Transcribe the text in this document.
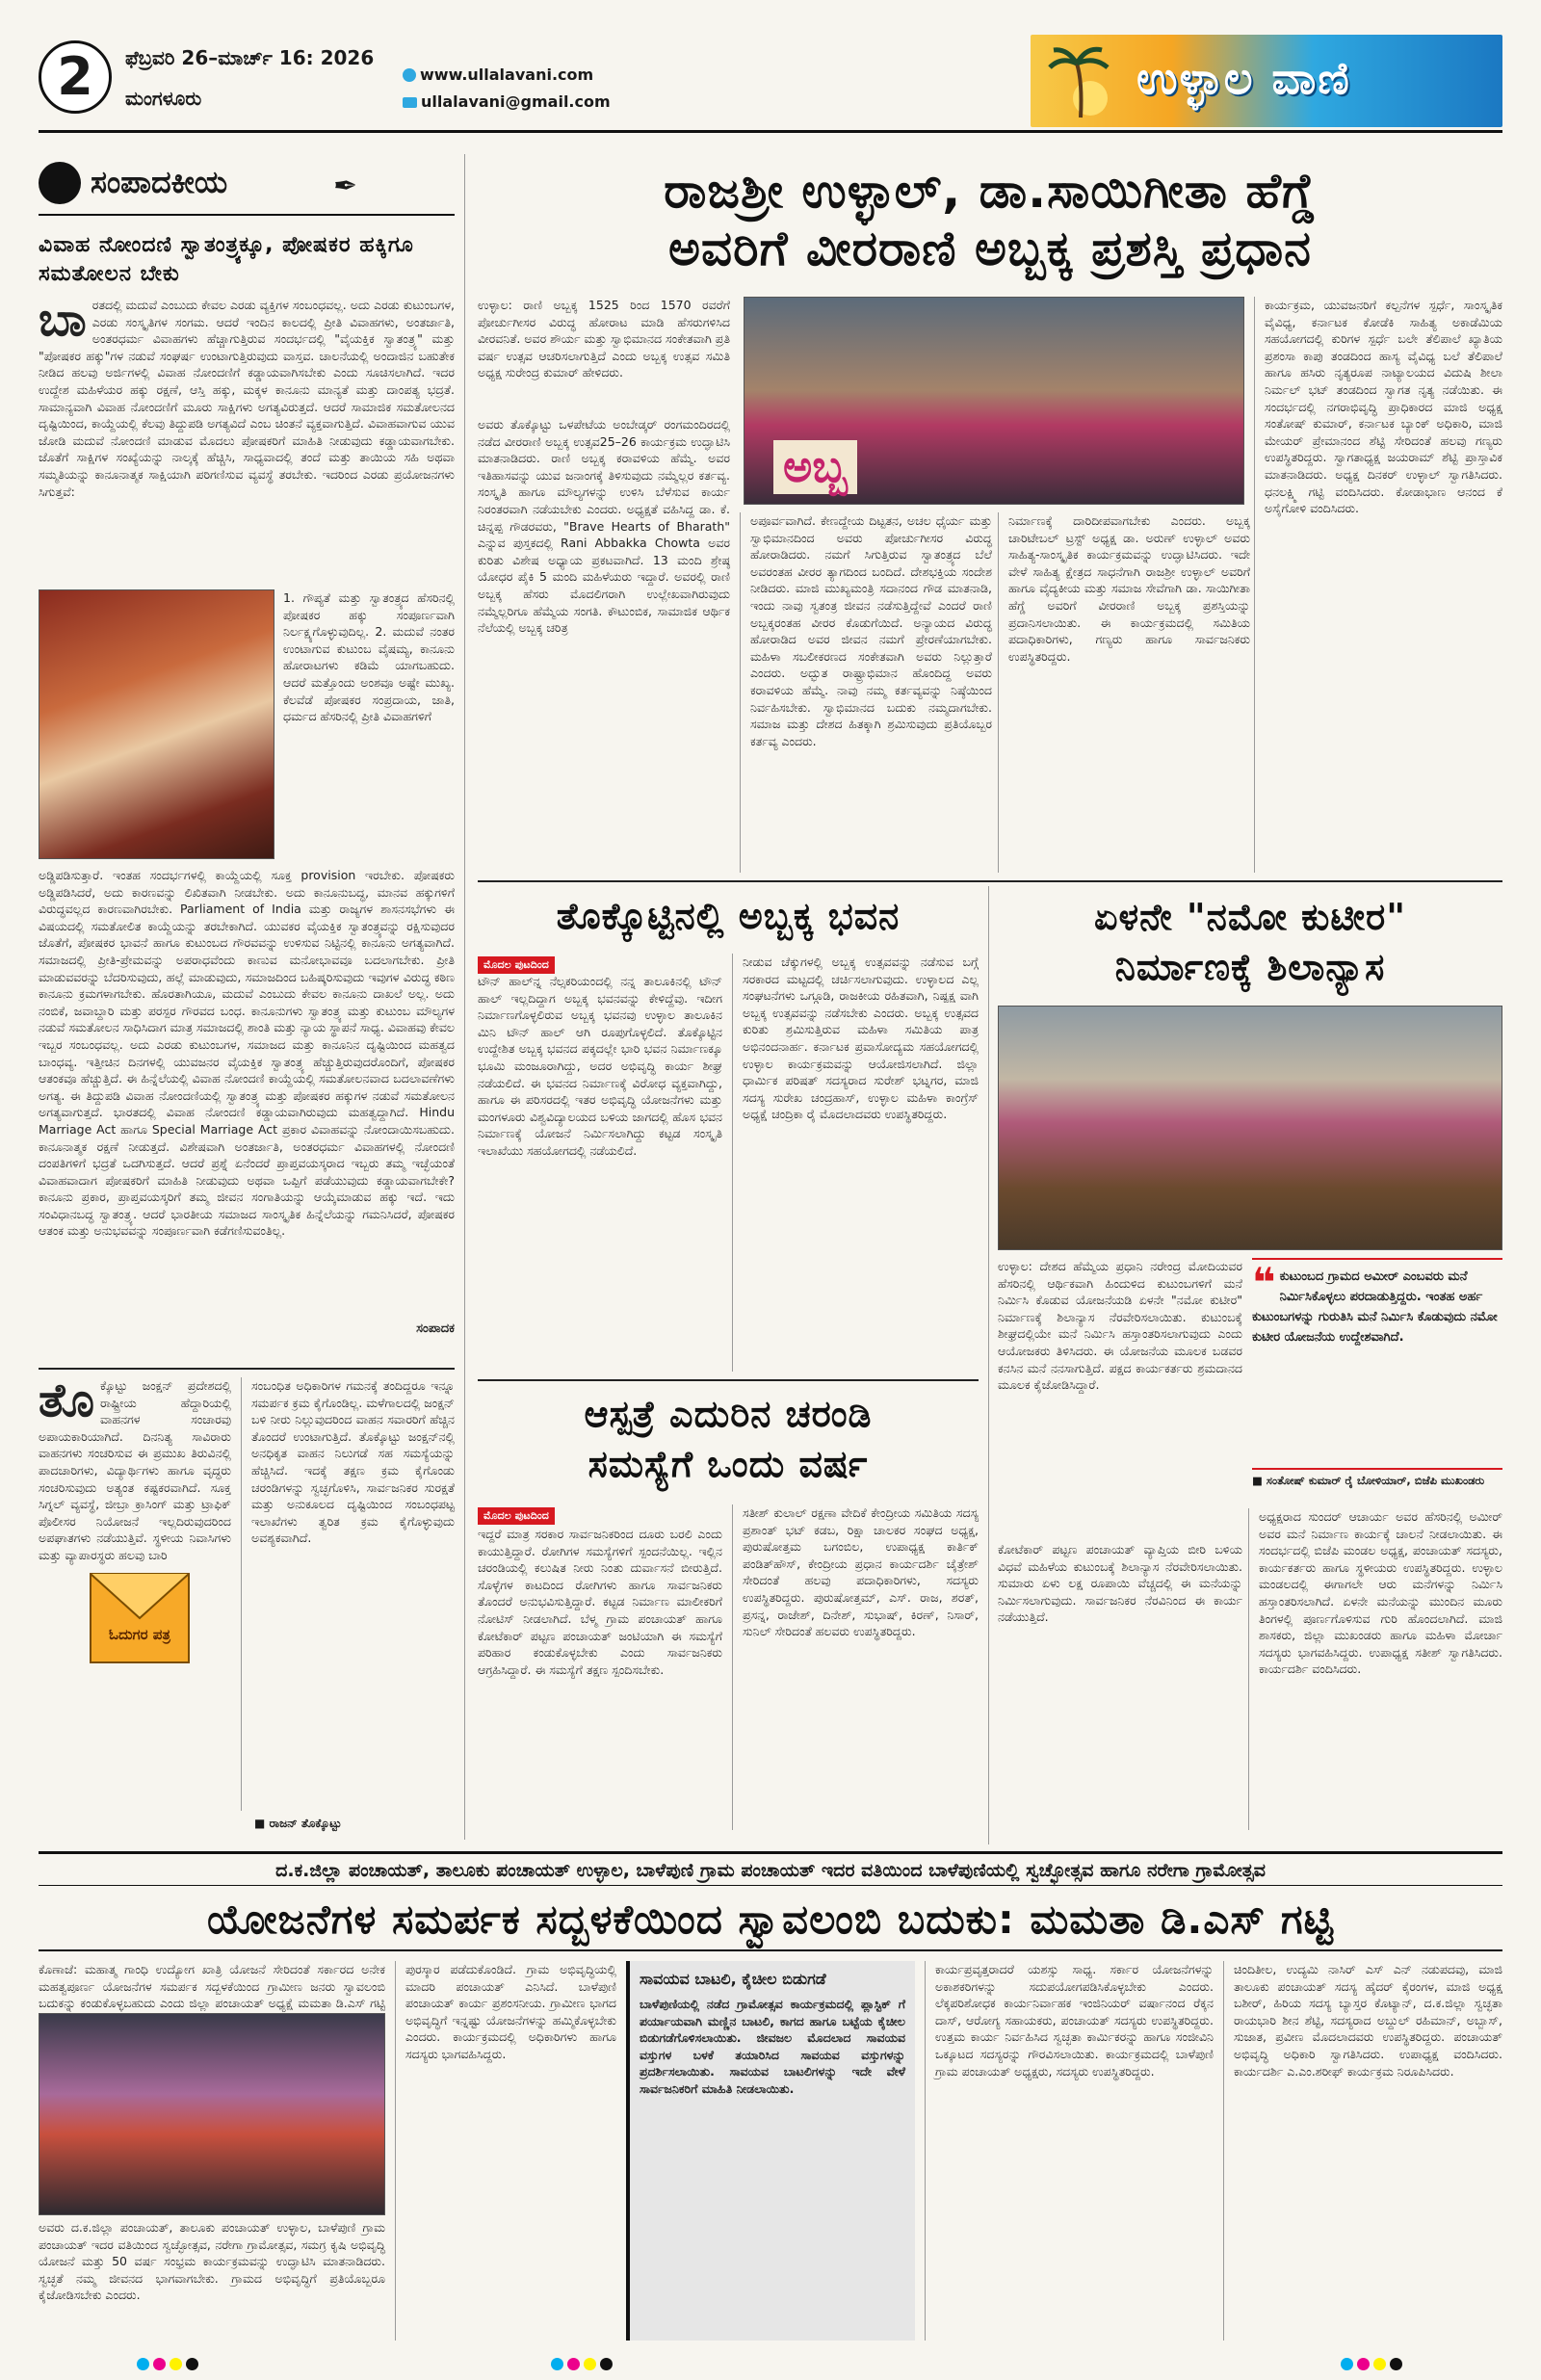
2	ಫೆಬ್ರವರಿ 26–ಮಾರ್ಚ್ 16: 2026
ಮಂಗಳೂರು
www.ullalavani.com
ullalavani@gmail.com	ಉಳ್ಳಾಲ ವಾಣಿ
ಸಂಪಾದಕೀಯ	✒
ವಿವಾಹ ನೋಂದಣಿ ಸ್ವಾತಂತ್ರ್ಯಕ್ಕೂ, ಪೋಷಕರ ಹಕ್ಕಿಗೂ ಸಮತೋಲನ ಬೇಕು
ಬಾರತದಲ್ಲಿ ಮದುವೆ ಎಂಬುದು ಕೇವಲ ಎರಡು ವ್ಯಕ್ತಿಗಳ ಸಂಬಂಧವಲ್ಲ. ಅದು ಎರಡು ಕುಟುಂಬಗಳ, ಎರಡು ಸಂಸ್ಕೃತಿಗಳ ಸಂಗಮ. ಆದರೆ ಇಂದಿನ ಕಾಲದಲ್ಲಿ ಪ್ರೀತಿ ವಿವಾಹಗಳು, ಅಂತರ್ಜಾತಿ, ಅಂತರಧರ್ಮ ವಿವಾಹಗಳು ಹೆಚ್ಚಾಗುತ್ತಿರುವ ಸಂದರ್ಭದಲ್ಲಿ "ವೈಯಕ್ತಿಕ ಸ್ವಾತಂತ್ರ್ಯ" ಮತ್ತು "ಪೋಷಕರ ಹಕ್ಕು"ಗಳ ನಡುವೆ ಸಂಘರ್ಷ ಉಂಟಾಗುತ್ತಿರುವುದು ವಾಸ್ತವ. ಚಾಲನೆಯಲ್ಲಿ ಅಂದಾಜಿನ ಬಹುತೇಕ ನೀಡಿದ ಹಲವು ಅರ್ಜಿಗಳಲ್ಲಿ ವಿವಾಹ ನೋಂದಣಿಗೆ ಕಡ್ಡಾಯವಾಗಿಸಬೇಕು ಎಂದು ಸೂಚಿಸಲಾಗಿದೆ. ಇದರ ಉದ್ದೇಶ ಮಹಿಳೆಯರ ಹಕ್ಕು ರಕ್ಷಣೆ, ಆಸ್ತಿ ಹಕ್ಕು, ಮಕ್ಕಳ ಕಾನೂನು ಮಾನ್ಯತೆ ಮತ್ತು ದಾಂಪತ್ಯ ಭದ್ರತೆ. ಸಾಮಾನ್ಯವಾಗಿ ವಿವಾಹ ನೋಂದಣಿಗೆ ಮೂರು ಸಾಕ್ಷಿಗಳು ಅಗತ್ಯವಿರುತ್ತದೆ. ಆದರೆ ಸಾಮಾಜಿಕ ಸಮತೋಲನದ ದೃಷ್ಟಿಯಿಂದ, ಕಾಯ್ದೆಯಲ್ಲಿ ಕೆಲವು ತಿದ್ದುಪಡಿ ಅಗತ್ಯವಿದೆ ಎಂಬ ಚಿಂತನೆ ವ್ಯಕ್ತವಾಗುತ್ತಿದೆ. ವಿವಾಹವಾಗುವ ಯುವ ಜೋಡಿ ಮದುವೆ ನೋಂದಣಿ ಮಾಡುವ ಮೊದಲು ಪೋಷಕರಿಗೆ ಮಾಹಿತಿ ನೀಡುವುದು ಕಡ್ಡಾಯವಾಗಬೇಕು. ಜೊತೆಗೆ ಸಾಕ್ಷಿಗಳ ಸಂಖ್ಯೆಯನ್ನು ನಾಲ್ಕಕ್ಕೆ ಹೆಚ್ಚಿಸಿ, ಸಾಧ್ಯವಾದಲ್ಲಿ ತಂದೆ ಮತ್ತು ತಾಯಿಯ ಸಹಿ ಅಥವಾ ಸಮ್ಮತಿಯನ್ನು ಕಾನೂನಾತ್ಮಕ ಸಾಕ್ಷಿಯಾಗಿ ಪರಿಗಣಿಸುವ ವ್ಯವಸ್ಥೆ ತರಬೇಕು. ಇದರಿಂದ ಎರಡು ಪ್ರಯೋಜನಗಳು ಸಿಗುತ್ತವೆ:
1. ಗೌಪ್ಯತೆ ಮತ್ತು ಸ್ವಾತಂತ್ರ್ಯದ ಹೆಸರಿನಲ್ಲಿ ಪೋಷಕರ ಹಕ್ಕು ಸಂಪೂರ್ಣವಾಗಿ ನಿರ್ಲಕ್ಷ್ಯಗೊಳ್ಳುವುದಿಲ್ಲ. 2. ಮದುವೆ ನಂತರ ಉಂಟಾಗುವ ಕುಟುಂಬ ವೈಷಮ್ಯ, ಕಾನೂನು ಹೋರಾಟಗಳು ಕಡಿಮೆ ಯಾಗಬಹುದು. ಆದರೆ ಮತ್ತೊಂದು ಅಂಶವೂ ಅಷ್ಟೇ ಮುಖ್ಯ. ಕೆಲವೆಡೆ ಪೋಷಕರ ಸಂಪ್ರದಾಯ, ಜಾತಿ, ಧರ್ಮದ ಹೆಸರಿನಲ್ಲಿ ಪ್ರೀತಿ ವಿವಾಹಗಳಿಗೆ
ಅಡ್ಡಿಪಡಿಸುತ್ತಾರೆ. ಇಂತಹ ಸಂದರ್ಭಗಳಲ್ಲಿ ಕಾಯ್ದೆಯಲ್ಲಿ ಸೂಕ್ತ provision ಇರಬೇಕು. ಪೋಷಕರು ಅಡ್ಡಿಪಡಿಸಿದರೆ, ಅದು ಕಾರಣವನ್ನು ಲಿಖಿತವಾಗಿ ನೀಡಬೇಕು. ಅದು ಕಾನೂನುಬದ್ಧ, ಮಾನವ ಹಕ್ಕುಗಳಿಗೆ ವಿರುದ್ಧವಲ್ಲದ ಕಾರಣವಾಗಿರಬೇಕು. Parliament of India ಮತ್ತು ರಾಜ್ಯಗಳ ಶಾಸನಸಭೆಗಳು ಈ ವಿಷಯದಲ್ಲಿ ಸಮತೋಲಿತ ಕಾಯ್ದೆಯನ್ನು ತರಬೇಕಾಗಿದೆ. ಯುವಕರ ವೈಯಕ್ತಿಕ ಸ್ವಾತಂತ್ರ್ಯವನ್ನು ರಕ್ಷಿಸುವುದರ ಜೊತೆಗೆ, ಪೋಷಕರ ಭಾವನೆ ಹಾಗೂ ಕುಟುಂಬದ ಗೌರವವನ್ನು ಉಳಿಸುವ ನಿಟ್ಟಿನಲ್ಲಿ ಕಾನೂನು ಅಗತ್ಯವಾಗಿದೆ. ಸಮಾಜದಲ್ಲಿ ಪ್ರೀತಿ-ಪ್ರೇಮವನ್ನು ಅಪರಾಧವೆಂದು ಕಾಣುವ ಮನೋಭಾವವೂ ಬದಲಾಗಬೇಕು. ಪ್ರೀತಿ ಮಾಡುವವರನ್ನು ಬೆದರಿಸುವುದು, ಹಲ್ಲೆ ಮಾಡುವುದು, ಸಮಾಜದಿಂದ ಬಹಿಷ್ಕರಿಸುವುದು ಇವುಗಳ ವಿರುದ್ಧ ಕಠಿಣ ಕಾನೂನು ಕ್ರಮಗಳಾಗಬೇಕು. ಹೊರತಾಗಿಯೂ, ಮದುವೆ ಎಂಬುದು ಕೇವಲ ಕಾನೂನು ದಾಖಲೆ ಅಲ್ಲ. ಅದು ನಂಬಿಕೆ, ಜವಾಬ್ದಾರಿ ಮತ್ತು ಪರಸ್ಪರ ಗೌರವದ ಬಂಧ. ಕಾನೂನುಗಳು ಸ್ವಾತಂತ್ರ್ಯ ಮತ್ತು ಕುಟುಂಬ ಮೌಲ್ಯಗಳ ನಡುವೆ ಸಮತೋಲನ ಸಾಧಿಸಿದಾಗ ಮಾತ್ರ ಸಮಾಜದಲ್ಲಿ ಶಾಂತಿ ಮತ್ತು ನ್ಯಾಯ ಸ್ಥಾಪನೆ ಸಾಧ್ಯ. ವಿವಾಹವು ಕೇವಲ ಇಬ್ಬರ ಸಂಬಂಧವಲ್ಲ. ಅದು ಎರಡು ಕುಟುಂಬಗಳ, ಸಮಾಜದ ಮತ್ತು ಕಾನೂನಿನ ದೃಷ್ಟಿಯಿಂದ ಮಹತ್ವದ ಬಾಂಧವ್ಯ. ಇತ್ತೀಚಿನ ದಿನಗಳಲ್ಲಿ ಯುವಜನರ ವೈಯಕ್ತಿಕ ಸ್ವಾತಂತ್ರ್ಯ ಹೆಚ್ಚುತ್ತಿರುವುದರೊಂದಿಗೆ, ಪೋಷಕರ ಆತಂಕವೂ ಹೆಚ್ಚುತ್ತಿದೆ. ಈ ಹಿನ್ನೆಲೆಯಲ್ಲಿ ವಿವಾಹ ನೋಂದಣಿ ಕಾಯ್ದೆಯಲ್ಲಿ ಸಮತೋಲನವಾದ ಬದಲಾವಣೆಗಳು ಅಗತ್ಯ. ಈ ತಿದ್ದುಪಡಿ ವಿವಾಹ ನೋಂದಣಿಯಲ್ಲಿ ಸ್ವಾತಂತ್ರ್ಯ ಮತ್ತು ಪೋಷಕರ ಹಕ್ಕುಗಳ ನಡುವೆ ಸಮತೋಲನ ಅಗತ್ಯವಾಗುತ್ತದೆ. ಭಾರತದಲ್ಲಿ ವಿವಾಹ ನೋಂದಣಿ ಕಡ್ಡಾಯವಾಗಿರುವುದು ಮಹತ್ವದ್ದಾಗಿದೆ. Hindu Marriage Act ಹಾಗೂ Special Marriage Act ಪ್ರಕಾರ ವಿವಾಹವನ್ನು ನೋಂದಾಯಿಸಬಹುದು. ಕಾನೂನಾತ್ಮಕ ರಕ್ಷಣೆ ನೀಡುತ್ತದೆ. ವಿಶೇಷವಾಗಿ ಅಂತರ್ಜಾತಿ, ಅಂತರಧರ್ಮ ವಿವಾಹಗಳಲ್ಲಿ ನೋಂದಣಿ ದಂಪತಿಗಳಿಗೆ ಭದ್ರತೆ ಒದಗಿಸುತ್ತದೆ. ಆದರೆ ಪ್ರಶ್ನೆ ಏನೆಂದರೆ ಪ್ರಾಪ್ತವಯಸ್ಕರಾದ ಇಬ್ಬರು ತಮ್ಮ ಇಚ್ಛೆಯಂತೆ ವಿವಾಹವಾದಾಗ ಪೋಷಕರಿಗೆ ಮಾಹಿತಿ ನೀಡುವುದು ಅಥವಾ ಒಪ್ಪಿಗೆ ಪಡೆಯುವುದು ಕಡ್ಡಾಯವಾಗಬೇಕೇ? ಕಾನೂನು ಪ್ರಕಾರ, ಪ್ರಾಪ್ತವಯಸ್ಕರಿಗೆ ತಮ್ಮ ಜೀವನ ಸಂಗಾತಿಯನ್ನು ಆಯ್ಕೆಮಾಡುವ ಹಕ್ಕು ಇದೆ. ಇದು ಸಂವಿಧಾನಬದ್ಧ ಸ್ವಾತಂತ್ರ್ಯ. ಆದರೆ ಭಾರತೀಯ ಸಮಾಜದ ಸಾಂಸ್ಕೃತಿಕ ಹಿನ್ನೆಲೆಯನ್ನು ಗಮನಿಸಿದರೆ, ಪೋಷಕರ ಆತಂಕ ಮತ್ತು ಅನುಭವವನ್ನು ಸಂಪೂರ್ಣವಾಗಿ ಕಡೆಗಣಿಸುವಂತಿಲ್ಲ.
ಸಂಪಾದಕ
ತೊಕ್ಕೊಟ್ಟು ಜಂಕ್ಷನ್ ಪ್ರದೇಶದಲ್ಲಿ ರಾಷ್ಟ್ರೀಯ ಹೆದ್ದಾರಿಯಲ್ಲಿ ವಾಹನಗಳ ಸಂಚಾರವು ಅಪಾಯಕಾರಿಯಾಗಿದೆ. ದಿನನಿತ್ಯ ಸಾವಿರಾರು ವಾಹನಗಳು ಸಂಚರಿಸುವ ಈ ಪ್ರಮುಖ ತಿರುವಿನಲ್ಲಿ ಪಾದಚಾರಿಗಳು, ವಿದ್ಯಾರ್ಥಿಗಳು ಹಾಗೂ ವೃದ್ಧರು ಸಂಚರಿಸುವುದು ಅತ್ಯಂತ ಕಷ್ಟಕರವಾಗಿದೆ. ಸೂಕ್ತ ಸಿಗ್ನಲ್ ವ್ಯವಸ್ಥೆ, ಜೀಬ್ರಾ ಕ್ರಾಸಿಂಗ್ ಮತ್ತು ಟ್ರಾಫಿಕ್ ಪೊಲೀಸರ ನಿಯೋಜನೆ ಇಲ್ಲದಿರುವುದರಿಂದ ಅಪಘಾತಗಳು ನಡೆಯುತ್ತಿವೆ. ಸ್ಥಳೀಯ ನಿವಾಸಿಗಳು ಮತ್ತು ವ್ಯಾಪಾರಸ್ಥರು ಹಲವು ಬಾರಿ
ಓದುಗರ ಪತ್ರ
ಸಂಬಂಧಿತ ಅಧಿಕಾರಿಗಳ ಗಮನಕ್ಕೆ ತಂದಿದ್ದರೂ ಇನ್ನೂ ಸಮರ್ಪಕ ಕ್ರಮ ಕೈಗೊಂಡಿಲ್ಲ. ಮಳೆಗಾಲದಲ್ಲಿ ಜಂಕ್ಷನ್ ಬಳಿ ನೀರು ನಿಲ್ಲುವುದರಿಂದ ವಾಹನ ಸವಾರರಿಗೆ ಹೆಚ್ಚಿನ ತೊಂದರೆ ಉಂಟಾಗುತ್ತಿದೆ. ತೊಕ್ಕೊಟ್ಟು ಜಂಕ್ಷನ್‌ನಲ್ಲಿ ಅನಧಿಕೃತ ವಾಹನ ನಿಲುಗಡೆ ಸಹ ಸಮಸ್ಯೆಯನ್ನು ಹೆಚ್ಚಿಸಿದೆ. ಇದಕ್ಕೆ ತಕ್ಷಣ ಕ್ರಮ ಕೈಗೊಂಡು ಚರಂಡಿಗಳನ್ನು ಸ್ವಚ್ಛಗೊಳಿಸಿ, ಸಾರ್ವಜನಿಕರ ಸುರಕ್ಷತೆ ಮತ್ತು ಅನುಕೂಲದ ದೃಷ್ಟಿಯಿಂದ ಸಂಬಂಧಪಟ್ಟ ಇಲಾಖೆಗಳು ತ್ವರಿತ ಕ್ರಮ ಕೈಗೊಳ್ಳುವುದು ಅವಶ್ಯಕವಾಗಿದೆ.
■ ರಾಜನ್ ತೊಕ್ಕೊಟ್ಟು
ರಾಜಶ್ರೀ ಉಳ್ಳಾಲ್, ಡಾ.ಸಾಯಿಗೀತಾ ಹೆಗ್ಡೆ
ಅವರಿಗೆ ವೀರರಾಣಿ ಅಬ್ಬಕ್ಕ ಪ್ರಶಸ್ತಿ ಪ್ರಧಾನ
ಉಳ್ಳಾಲ: ರಾಣಿ ಅಬ್ಬಕ್ಕ 1525 ರಿಂದ 1570 ರವರೆಗೆ ಪೋರ್ಚುಗೀಸರ ವಿರುದ್ಧ ಹೋರಾಟ ಮಾಡಿ ಹೆಸರುಗಳಿಸಿದ ವೀರವನಿತೆ. ಅವರ ಶೌರ್ಯ ಮತ್ತು ಸ್ವಾಭಿಮಾನದ ಸಂಕೇತವಾಗಿ ಪ್ರತಿ ವರ್ಷ ಉತ್ಸವ ಆಚರಿಸಲಾಗುತ್ತಿದೆ ಎಂದು ಅಬ್ಬಕ್ಕ ಉತ್ಸವ ಸಮಿತಿ ಅಧ್ಯಕ್ಷ ಸುರೇಂದ್ರ ಕುಮಾರ್ ಹೇಳಿದರು.
ಅಬ್ಬ
ಅವರು ತೊಕ್ಕೊಟ್ಟು ಒಳಪೇಟೆಯ ಅಂಬೇಡ್ಕರ್ ರಂಗಮಂದಿರದಲ್ಲಿ ನಡೆದ ವೀರರಾಣಿ ಅಬ್ಬಕ್ಕ ಉತ್ಸವ25–26 ಕಾರ್ಯಕ್ರಮ ಉದ್ಘಾಟಿಸಿ ಮಾತನಾಡಿದರು. ರಾಣಿ ಅಬ್ಬಕ್ಕ ಕರಾವಳಿಯ ಹೆಮ್ಮೆ. ಅವರ ಇತಿಹಾಸವನ್ನು ಯುವ ಜನಾಂಗಕ್ಕೆ ತಿಳಿಸುವುದು ನಮ್ಮೆಲ್ಲರ ಕರ್ತವ್ಯ. ಸಂಸ್ಕೃತಿ ಹಾಗೂ ಮೌಲ್ಯಗಳನ್ನು ಉಳಿಸಿ ಬೆಳೆಸುವ ಕಾರ್ಯ ನಿರಂತರವಾಗಿ ನಡೆಯಬೇಕು ಎಂದರು. ಅಧ್ಯಕ್ಷತೆ ವಹಿಸಿದ್ದ ಡಾ. ಕೆ. ಚಿನ್ನಪ್ಪ ಗೌಡರವರು, "Brave Hearts of Bharath" ಎನ್ನುವ ಪುಸ್ತಕದಲ್ಲಿ Rani Abbakka Chowta ಅವರ ಕುರಿತು ವಿಶೇಷ ಅಧ್ಯಾಯ ಪ್ರಕಟವಾಗಿದೆ. 13 ಮಂದಿ ಶ್ರೇಷ್ಠ ಯೋಧರ ಪೈಕಿ 5 ಮಂದಿ ಮಹಿಳೆಯರು ಇದ್ದಾರೆ. ಅವರಲ್ಲಿ ರಾಣಿ ಅಬ್ಬಕ್ಕ ಹೆಸರು ಮೊದಲಿಗರಾಗಿ ಉಲ್ಲೇಖವಾಗಿರುವುದು ನಮ್ಮೆಲ್ಲರಿಗೂ ಹೆಮ್ಮೆಯ ಸಂಗತಿ. ಕೌಟುಂಬಿಕ, ಸಾಮಾಜಿಕ ಆರ್ಥಿಕ ನೆಲೆಯಲ್ಲಿ ಅಬ್ಬಕ್ಕ ಚರಿತ್ರ
ಅಪೂರ್ವವಾಗಿದೆ. ಕೇಣದ್ದೇಯ ದಿಟ್ಟತನ, ಅಚಲ ಧೈರ್ಯ ಮತ್ತು ಸ್ವಾಭಿಮಾನದಿಂದ ಅವರು ಪೋರ್ಚುಗೀಸರ ವಿರುದ್ಧ ಹೋರಾಡಿದರು. ನಮಗೆ ಸಿಗುತ್ತಿರುವ ಸ್ವಾತಂತ್ರ್ಯದ ಬೆಲೆ ಅವರಂತಹ ವೀರರ ತ್ಯಾಗದಿಂದ ಬಂದಿದೆ. ದೇಶಭಕ್ತಿಯ ಸಂದೇಶ ನೀಡಿದರು. ಮಾಜಿ ಮುಖ್ಯಮಂತ್ರಿ ಸದಾನಂದ ಗೌಡ ಮಾತನಾಡಿ, ಇಂದು ನಾವು ಸ್ವತಂತ್ರ ಜೀವನ ನಡೆಸುತ್ತಿದ್ದೇವೆ ಎಂದರೆ ರಾಣಿ ಅಬ್ಬಕ್ಕರಂತಹ ವೀರರ ಕೊಡುಗೆಯಿದೆ. ಅನ್ಯಾಯದ ವಿರುದ್ಧ ಹೋರಾಡಿದ ಅವರ ಜೀವನ ನಮಗೆ ಪ್ರೇರಣೆಯಾಗಬೇಕು. ಮಹಿಳಾ ಸಬಲೀಕರಣದ ಸಂಕೇತವಾಗಿ ಅವರು ನಿಲ್ಲುತ್ತಾರೆ ಎಂದರು. ಅದ್ಭುತ ರಾಷ್ಟ್ರಾಭಿಮಾನ ಹೊಂದಿದ್ದ ಅವರು ಕರಾವಳಿಯ ಹೆಮ್ಮೆ. ನಾವು ನಮ್ಮ ಕರ್ತವ್ಯವನ್ನು ನಿಷ್ಠೆಯಿಂದ ನಿರ್ವಹಿಸಬೇಕು. ಸ್ವಾಭಿಮಾನದ ಬದುಕು ನಮ್ಮದಾಗಬೇಕು. ಸಮಾಜ ಮತ್ತು ದೇಶದ ಹಿತಕ್ಕಾಗಿ ಶ್ರಮಿಸುವುದು ಪ್ರತಿಯೊಬ್ಬರ ಕರ್ತವ್ಯ ಎಂದರು.
ನಿರ್ಮಾಣಕ್ಕೆ ದಾರಿದೀಪವಾಗಬೇಕು ಎಂದರು. ಅಬ್ಬಕ್ಕ ಚಾರಿಟೇಬಲ್ ಟ್ರಸ್ಟ್ ಅಧ್ಯಕ್ಷ ಡಾ. ಅರುಣ್ ಉಳ್ಳಾಲ್ ಅವರು ಸಾಹಿತ್ಯ-ಸಾಂಸ್ಕೃತಿಕ ಕಾರ್ಯಕ್ರಮವನ್ನು ಉದ್ಘಾಟಿಸಿದರು. ಇದೇ ವೇಳೆ ಸಾಹಿತ್ಯ ಕ್ಷೇತ್ರದ ಸಾಧನೆಗಾಗಿ ರಾಜಶ್ರೀ ಉಳ್ಳಾಲ್ ಅವರಿಗೆ ಹಾಗೂ ವೈದ್ಯಕೀಯ ಮತ್ತು ಸಮಾಜ ಸೇವೆಗಾಗಿ ಡಾ. ಸಾಯಿಗೀತಾ ಹೆಗ್ಡೆ ಅವರಿಗೆ ವೀರರಾಣಿ ಅಬ್ಬಕ್ಕ ಪ್ರಶಸ್ತಿಯನ್ನು ಪ್ರದಾನಿಸಲಾಯಿತು. ಈ ಕಾರ್ಯಕ್ರಮದಲ್ಲಿ ಸಮಿತಿಯ ಪದಾಧಿಕಾರಿಗಳು, ಗಣ್ಯರು ಹಾಗೂ ಸಾರ್ವಜನಿಕರು ಉಪಸ್ಥಿತರಿದ್ದರು.
ಕಾರ್ಯಕ್ರಮ, ಯುವಜನರಿಗೆ ಕಲ್ಪನೆಗಳ ಸ್ಪರ್ಧೆ, ಸಾಂಸ್ಕೃತಿಕ ವೈವಿಧ್ಯ, ಕರ್ನಾಟಕ ಕೋಡೆಕಿ ಸಾಹಿತ್ಯ ಅಕಾಡೆಮಿಯ ಸಹಯೋಗದಲ್ಲಿ ಕುರಿಗಳ ಸ್ಪರ್ಧೆ ಬಲೇ ತೆಲಿಪಾಲೆ ಖ್ಯಾತಿಯ ಪ್ರಶಂಸಾ ಕಾಪು ತಂಡದಿಂದ ಹಾಸ್ಯ ವೈವಿಧ್ಯ ಬಲೆ ತೆಲಿಪಾಲೆ ಹಾಗೂ ಹಸಿರು ನೃತ್ಯರೂಪ ನಾಟ್ಯಾಲಯದ ವಿದುಷಿ ಶೀಲಾ ನಿರ್ಮಲ್ ಭಟ್ ತಂಡದಿಂದ ಸ್ವಾಗತ ನೃತ್ಯ ನಡೆಯಿತು. ಈ ಸಂದರ್ಭದಲ್ಲಿ ನಗರಾಭಿವೃದ್ಧಿ ಪ್ರಾಧಿಕಾರದ ಮಾಜಿ ಅಧ್ಯಕ್ಷ ಸಂತೋಷ್ ಕುಮಾರ್, ಕರ್ನಾಟಕ ಬ್ಯಾಂಕ್ ಅಧಿಕಾರಿ, ಮಾಜಿ ಮೇಯರ್ ಪ್ರೇಮಾನಂದ ಶೆಟ್ಟಿ ಸೇರಿದಂತೆ ಹಲವು ಗಣ್ಯರು ಉಪಸ್ಥಿತರಿದ್ದರು. ಸ್ವಾಗತಾಧ್ಯಕ್ಷ ಜಯರಾಮ್ ಶೆಟ್ಟಿ ಪ್ರಾಸ್ತಾವಿಕ ಮಾತನಾಡಿದರು. ಅಧ್ಯಕ್ಷ ದಿನಕರ್ ಉಳ್ಳಾಲ್ ಸ್ವಾಗತಿಸಿದರು. ಧನಲಕ್ಷ್ಮಿ ಗಟ್ಟಿ ವಂದಿಸಿದರು. ಕೋಡಾಭಾಣ ಆನಂದ ಕೆ ಅಸೈಗೋಳಿ ವಂದಿಸಿದರು.
ತೊಕ್ಕೊಟ್ಟಿನಲ್ಲಿ ಅಬ್ಬಕ್ಕ ಭವನ
ಮೊದಲ ಪುಟದಿಂದ
ಟೌನ್ ಹಾಲ್‌ನ್ನ ನೆಲ್ಸಕರಿಯಂದಲ್ಲಿ ನನ್ನ ತಾಲೂಕಿನಲ್ಲಿ ಟೌನ್ ಹಾಲ್ ಇಲ್ಲದಿದ್ದಾಗ ಅಬ್ಬಕ್ಕ ಭವನವನ್ನು ಕೇಳಿದ್ದೆವು. ಇದೀಗ ನಿರ್ಮಾಣಗೊಳ್ಳಲಿರುವ ಅಬ್ಬಕ್ಕ ಭವನವು ಉಳ್ಳಾಲ ತಾಲೂಕಿನ ಮಿನಿ ಟೌನ್ ಹಾಲ್ ಆಗಿ ರೂಪುಗೊಳ್ಳಲಿದೆ. ತೊಕ್ಕೊಟ್ಟಿನ ಉದ್ದೇಶಿತ ಅಬ್ಬಕ್ಕ ಭವನದ ಪಕ್ಕದಲ್ಲೇ ಭಾರಿ ಭವನ ನಿರ್ಮಾಣಕ್ಕೂ ಭೂಮಿ ಮಂಜೂರಾಗಿದ್ದು, ಅದರ ಅಭಿವೃದ್ಧಿ ಕಾರ್ಯ ಶೀಘ್ರ ನಡೆಯಲಿದೆ. ಈ ಭವನದ ನಿರ್ಮಾಣಕ್ಕೆ ವಿರೋಧ ವ್ಯಕ್ತವಾಗಿದ್ದು, ಹಾಗೂ ಈ ಪರಿಸರದಲ್ಲಿ ಇತರ ಅಭಿವೃದ್ಧಿ ಯೋಜನೆಗಳು ಮತ್ತು ಮಂಗಳೂರು ವಿಶ್ವವಿದ್ಯಾಲಯದ ಬಳಿಯ ಜಾಗದಲ್ಲಿ ಹೊಸ ಭವನ ನಿರ್ಮಾಣಕ್ಕೆ ಯೋಜನೆ ನಿರ್ಮಿಸಲಾಗಿದ್ದು ಕಟ್ಟಡ ಸಂಸ್ಕೃತಿ ಇಲಾಖೆಯು ಸಹಯೋಗದಲ್ಲಿ ನಡೆಯಲಿದೆ.
ನೀಡುವ ಚೆಕ್ಕುಗಳಲ್ಲಿ ಅಬ್ಬಕ್ಕ ಉತ್ಸವವನ್ನು ನಡೆಸುವ ಬಗ್ಗೆ ಸರಕಾರದ ಮಟ್ಟದಲ್ಲಿ ಚರ್ಚಿಸಲಾಗುವುದು. ಉಳ್ಳಾಲದ ಎಲ್ಲ ಸಂಘಟನೆಗಳು ಒಗ್ಗೂಡಿ, ರಾಜಕೀಯ ರಹಿತವಾಗಿ, ನಿಷ್ಪಕ್ಷ ವಾಗಿ ಅಬ್ಬಕ್ಕ ಉತ್ಸವವನ್ನು ನಡೆಸಬೇಕು ಎಂದರು. ಅಬ್ಬಕ್ಕ ಉತ್ಸವದ ಕುರಿತು ಶ್ರಮಿಸುತ್ತಿರುವ ಮಹಿಳಾ ಸಮಿತಿಯ ಪಾತ್ರ ಅಭಿನಂದನಾರ್ಹ. ಕರ್ನಾಟಕ ಪ್ರವಾಸೋದ್ಯಮ ಸಹಯೋಗದಲ್ಲಿ ಉಳ್ಳಾಲ ಕಾರ್ಯಕ್ರಮವನ್ನು ಆಯೋಜಿಸಲಾಗಿದೆ. ಜಿಲ್ಲಾ ಧಾರ್ಮಿಕ ಪರಿಷತ್ ಸದಸ್ಯರಾದ ಸುರೇಶ್ ಭಟ್ನಗರ, ಮಾಜಿ ಸದಸ್ಯ ಸುರೇಖ ಚಂದ್ರಹಾಸ್, ಉಳ್ಳಾಲ ಮಹಿಳಾ ಕಾಂಗ್ರೆಸ್ ಅಧ್ಯಕ್ಷೆ ಚಂದ್ರಿಕಾ ರೈ ಮೊದಲಾದವರು ಉಪಸ್ಥಿತರಿದ್ದರು.
ಏಳನೇ "ನಮೋ ಕುಟೀರ"
ನಿರ್ಮಾಣಕ್ಕೆ ಶಿಲಾನ್ಯಾಸ
ಉಳ್ಳಾಲ: ದೇಶದ ಹೆಮ್ಮೆಯ ಪ್ರಧಾನಿ ನರೇಂದ್ರ ಮೋದಿಯವರ ಹೆಸರಿನಲ್ಲಿ ಆರ್ಥಿಕವಾಗಿ ಹಿಂದುಳಿದ ಕುಟುಂಬಗಳಿಗೆ ಮನೆ ನಿರ್ಮಿಸಿ ಕೊಡುವ ಯೋಜನೆಯಡಿ ಏಳನೇ "ನಮೋ ಕುಟೀರ" ನಿರ್ಮಾಣಕ್ಕೆ ಶಿಲಾನ್ಯಾಸ ನೆರವೇರಿಸಲಾಯಿತು. ಕುಟುಂಬಕ್ಕೆ ಶೀಘ್ರದಲ್ಲಿಯೇ ಮನೆ ನಿರ್ಮಿಸಿ ಹಸ್ತಾಂತರಿಸಲಾಗುವುದು ಎಂದು ಆಯೋಜಕರು ತಿಳಿಸಿದರು. ಈ ಯೋಜನೆಯ ಮೂಲಕ ಬಡವರ ಕನಸಿನ ಮನೆ ನನಸಾಗುತ್ತಿದೆ. ಪಕ್ಷದ ಕಾರ್ಯಕರ್ತರು ಶ್ರಮದಾನದ ಮೂಲಕ ಕೈಜೋಡಿಸಿದ್ದಾರೆ.
❝ ಕುಟುಂಬದ ಗ್ರಾಮದ ಅಮೀರ್ ಎಂಬವರು ಮನೆ ನಿರ್ಮಿಸಿಕೊಳ್ಳಲು ಪರದಾಡುತ್ತಿದ್ದರು. ಇಂತಹ ಅರ್ಹ ಕುಟುಂಬಗಳನ್ನು ಗುರುತಿಸಿ ಮನೆ ನಿರ್ಮಿಸಿ ಕೊಡುವುದು ನಮೋ ಕುಟೀರ ಯೋಜನೆಯ ಉದ್ದೇಶವಾಗಿದೆ.
■ ಸಂತೋಷ್ ಕುಮಾರ್ ರೈ ಬೋಳಿಯಾರ್, ಬಿಜೆಪಿ ಮುಖಂಡರು
ಕೋಟೆಕಾರ್ ಪಟ್ಟಣ ಪಂಚಾಯತ್ ವ್ಯಾಪ್ತಿಯ ಬೀರಿ ಬಳಿಯ ವಿಧವೆ ಮಹಿಳೆಯ ಕುಟುಂಬಕ್ಕೆ ಶಿಲಾನ್ಯಾಸ ನೆರವೇರಿಸಲಾಯಿತು. ಸುಮಾರು ಏಳು ಲಕ್ಷ ರೂಪಾಯಿ ವೆಚ್ಚದಲ್ಲಿ ಈ ಮನೆಯನ್ನು ನಿರ್ಮಿಸಲಾಗುವುದು. ಸಾರ್ವಜನಿಕರ ನೆರವಿನಿಂದ ಈ ಕಾರ್ಯ ನಡೆಯುತ್ತಿದೆ.
ಅಧ್ಯಕ್ಷರಾದ ಸುಂದರ್ ಆಚಾರ್ಯ ಅವರ ಹೆಸರಿನಲ್ಲಿ ಅಮೀರ್ ಅವರ ಮನೆ ನಿರ್ಮಾಣ ಕಾರ್ಯಕ್ಕೆ ಚಾಲನೆ ನೀಡಲಾಯಿತು. ಈ ಸಂದರ್ಭದಲ್ಲಿ ಬಿಜೆಪಿ ಮಂಡಲ ಅಧ್ಯಕ್ಷ, ಪಂಚಾಯತ್ ಸದಸ್ಯರು, ಕಾರ್ಯಕರ್ತರು ಹಾಗೂ ಸ್ಥಳೀಯರು ಉಪಸ್ಥಿತರಿದ್ದರು. ಉಳ್ಳಾಲ ಮಂಡಲದಲ್ಲಿ ಈಗಾಗಲೇ ಆರು ಮನೆಗಳನ್ನು ನಿರ್ಮಿಸಿ ಹಸ್ತಾಂತರಿಸಲಾಗಿದೆ. ಏಳನೇ ಮನೆಯನ್ನು ಮುಂದಿನ ಮೂರು ತಿಂಗಳಲ್ಲಿ ಪೂರ್ಣಗೊಳಿಸುವ ಗುರಿ ಹೊಂದಲಾಗಿದೆ. ಮಾಜಿ ಶಾಸಕರು, ಜಿಲ್ಲಾ ಮುಖಂಡರು ಹಾಗೂ ಮಹಿಳಾ ಮೋರ್ಚಾ ಸದಸ್ಯರು ಭಾಗವಹಿಸಿದ್ದರು. ಉಪಾಧ್ಯಕ್ಷ ಸತೀಶ್ ಸ್ವಾಗತಿಸಿದರು. ಕಾರ್ಯದರ್ಶಿ ವಂದಿಸಿದರು.
ಆಸ್ಪತ್ರೆ ಎದುರಿನ ಚರಂಡಿ
ಸಮಸ್ಯೆಗೆ ಒಂದು ವರ್ಷ
ಮೊದಲ ಪುಟದಿಂದ
ಇದ್ದರೆ ಮಾತ್ರ ಸರಕಾರ ಸಾರ್ವಜನಿಕರಿಂದ ದೂರು ಬರಲಿ ಎಂದು ಕಾಯುತ್ತಿದ್ದಾರೆ. ರೋಗಿಗಳ ಸಮಸ್ಯೆಗಳಿಗೆ ಸ್ಪಂದನೆಯಿಲ್ಲ. ಇಲ್ಲಿನ ಚರಂಡಿಯಲ್ಲಿ ಕಲುಷಿತ ನೀರು ನಿಂತು ದುರ್ವಾಸನೆ ಬೀರುತ್ತಿದೆ. ಸೊಳ್ಳೆಗಳ ಕಾಟದಿಂದ ರೋಗಿಗಳು ಹಾಗೂ ಸಾರ್ವಜನಿಕರು ತೊಂದರೆ ಅನುಭವಿಸುತ್ತಿದ್ದಾರೆ. ಕಟ್ಟಡ ನಿರ್ಮಾಣ ಮಾಲೀಕರಿಗೆ ನೋಟಿಸ್ ನೀಡಲಾಗಿದೆ. ಬೆಳ್ಮ ಗ್ರಾಮ ಪಂಚಾಯತ್ ಹಾಗೂ ಕೋಟೆಕಾರ್ ಪಟ್ಟಣ ಪಂಚಾಯತ್ ಜಂಟಿಯಾಗಿ ಈ ಸಮಸ್ಯೆಗೆ ಪರಿಹಾರ ಕಂಡುಕೊಳ್ಳಬೇಕು ಎಂದು ಸಾರ್ವಜನಿಕರು ಆಗ್ರಹಿಸಿದ್ದಾರೆ. ಈ ಸಮಸ್ಯೆಗೆ ತಕ್ಷಣ ಸ್ಪಂದಿಸಬೇಕು.
ಸತೀಶ್ ಕುಲಾಲ್ ರಕ್ಷಣಾ ವೇದಿಕೆ ಕೇಂದ್ರೀಯ ಸಮಿತಿಯ ಸದಸ್ಯ ಪ್ರಶಾಂತ್ ಭಟ್ ಕಡಬ, ರಿಕ್ಷಾ ಚಾಲಕರ ಸಂಘದ ಅಧ್ಯಕ್ಷ, ಪುರುಷೋತ್ತಮ ಬಗಂಬಿಲ, ಉಪಾಧ್ಯಕ್ಷ ಕಾರ್ತಿಕ್ ಪಂಡಿತ್‌ಹೌಸ್, ಕೇಂದ್ರೀಯ ಪ್ರಧಾನ ಕಾರ್ಯದರ್ಶಿ ಚೈತ್ರೇಶ್ ಸೇರಿದಂತೆ ಹಲವು ಪದಾಧಿಕಾರಿಗಳು, ಸದಸ್ಯರು ಉಪಸ್ಥಿತರಿದ್ದರು. ಪುರುಷೋತ್ತಮ್, ಎಸ್. ರಾಜ, ಶರತ್, ಪ್ರಸನ್ನ, ರಾಜೇಶ್, ದಿನೇಶ್, ಸುಭಾಷ್, ಕಿರಣ್, ನಿಸಾರ್, ಸುನಿಲ್ ಸೇರಿದಂತೆ ಹಲವರು ಉಪಸ್ಥಿತರಿದ್ದರು.
ದ.ಕ.ಜಿಲ್ಲಾ ಪಂಚಾಯತ್, ತಾಲೂಕು ಪಂಚಾಯತ್ ಉಳ್ಳಾಲ, ಬಾಳೆಪುಣಿ ಗ್ರಾಮ ಪಂಚಾಯತ್ ಇದರ ವತಿಯಿಂದ ಬಾಳೆಪುಣಿಯಲ್ಲಿ ಸ್ವಚ್ಛೋತ್ಸವ ಹಾಗೂ ನರೇಗಾ ಗ್ರಾಮೋತ್ಸವ
ಯೋಜನೆಗಳ ಸಮರ್ಪಕ ಸದ್ಬಳಕೆಯಿಂದ ಸ್ವಾವಲಂಬಿ ಬದುಕು: ಮಮತಾ ಡಿ.ಎಸ್ ಗಟ್ಟಿ
ಕೊಣಾಜೆ: ಮಹಾತ್ಮ ಗಾಂಧಿ ಉದ್ಯೋಗ ಖಾತ್ರಿ ಯೋಜನೆ ಸೇರಿದಂತೆ ಸರ್ಕಾರದ ಅನೇಕ ಮಹತ್ವಪೂರ್ಣ ಯೋಜನೆಗಳ ಸಮರ್ಪಕ ಸದ್ಬಳಕೆಯಿಂದ ಗ್ರಾಮೀಣ ಜನರು ಸ್ವಾವಲಂಬಿ ಬದುಕನ್ನು ಕಂಡುಕೊಳ್ಳಬಹುದು ಎಂದು ಜಿಲ್ಲಾ ಪಂಚಾಯತ್ ಅಧ್ಯಕ್ಷೆ ಮಮತಾ ಡಿ.ಎಸ್ ಗಟ್ಟಿ
ಅವರು ದ.ಕ.ಜಿಲ್ಲಾ ಪಂಚಾಯತ್, ತಾಲೂಕು ಪಂಚಾಯತ್ ಉಳ್ಳಾಲ, ಬಾಳೆಪುಣಿ ಗ್ರಾಮ ಪಂಚಾಯತ್ ಇದರ ವತಿಯಿಂದ ಸ್ವಚ್ಛೋತ್ಸವ, ನರೇಗಾ ಗ್ರಾಮೋತ್ಸವ, ಸಮಗ್ರ ಕೃಷಿ ಅಭಿವೃದ್ಧಿ ಯೋಜನೆ ಮತ್ತು 50 ವರ್ಷ ಸಂಭ್ರಮ ಕಾರ್ಯಕ್ರಮವನ್ನು ಉದ್ಘಾಟಿಸಿ ಮಾತನಾಡಿದರು. ಸ್ವಚ್ಛತೆ ನಮ್ಮ ಜೀವನದ ಭಾಗವಾಗಬೇಕು. ಗ್ರಾಮದ ಅಭಿವೃದ್ಧಿಗೆ ಪ್ರತಿಯೊಬ್ಬರೂ ಕೈಜೋಡಿಸಬೇಕು ಎಂದರು.
ಪುರಸ್ಕಾರ ಪಡೆದುಕೊಂಡಿದೆ. ಗ್ರಾಮ ಅಭಿವೃದ್ಧಿಯಲ್ಲಿ ಮಾದರಿ ಪಂಚಾಯತ್ ಎನಿಸಿದೆ. ಬಾಳೆಪುಣಿ ಪಂಚಾಯತ್‌ ಕಾರ್ಯ ಪ್ರಶಂಸನೀಯ. ಗ್ರಾಮೀಣ ಭಾಗದ ಅಭಿವೃದ್ಧಿಗೆ ಇನ್ನಷ್ಟು ಯೋಜನೆಗಳನ್ನು ಹಮ್ಮಿಕೊಳ್ಳಬೇಕು ಎಂದರು. ಕಾರ್ಯಕ್ರಮದಲ್ಲಿ ಅಧಿಕಾರಿಗಳು ಹಾಗೂ ಸದಸ್ಯರು ಭಾಗವಹಿಸಿದ್ದರು.
ಸಾವಯವ ಬಾಟಲಿ, ಕೈಚೀಲ ಬಿಡುಗಡೆ
ಬಾಳೆಪುಣಿಯಲ್ಲಿ ನಡೆದ ಗ್ರಾಮೋತ್ಸವ ಕಾರ್ಯಕ್ರಮದಲ್ಲಿ ಪ್ಲಾಸ್ಟಿಕ್ ಗೆ ಪರ್ಯಾಯವಾಗಿ ಮಣ್ಣಿನ ಬಾಟಲಿ, ಕಾಗದ ಹಾಗೂ ಬಟ್ಟೆಯ ಕೈಚೀಲ ಬಿಡುಗಡೆಗೊಳಿಸಲಾಯಿತು. ಜೀವಜಲ ಮೊದಲಾದ ಸಾವಯವ ವಸ್ತುಗಳ ಬಳಕೆ ತಯಾರಿಸಿದ ಸಾವಯವ ವಸ್ತುಗಳನ್ನು ಪ್ರದರ್ಶಿಸಲಾಯಿತು. ಸಾವಯವ ಬಾಟಲಿಗಳನ್ನು ಇದೇ ವೇಳೆ ಸಾರ್ವಜನಿಕರಿಗೆ ಮಾಹಿತಿ ನೀಡಲಾಯಿತು.
ಕಾರ್ಯಪ್ರವೃತ್ತರಾದರೆ ಯಶಸ್ಸು ಸಾಧ್ಯ. ಸರ್ಕಾರ ಯೋಜನೆಗಳನ್ನು ಅಕಾಶಕರಿಗಳನ್ನು ಸದುಪಯೋಗಪಡಿಸಿಕೊಳ್ಳಬೇಕು ಎಂದರು. ಲೆಕ್ಕಪರಿಶೋಧಕ ಕಾರ್ಯನಿರ್ವಾಹಕ ಇಂಜಿನಿಯರ್ ವರ್ಷಾನಂದ ರೆಕ್ಕನ ದಾಸ್, ಆರೋಗ್ಯ ಸಹಾಯಕರು, ಪಂಚಾಯತ್ ಸದಸ್ಯರು ಉಪಸ್ಥಿತರಿದ್ದರು. ಉತ್ತಮ ಕಾರ್ಯ ನಿರ್ವಹಿಸಿದ ಸ್ವಚ್ಛತಾ ಕಾರ್ಮಿಕರನ್ನು ಹಾಗೂ ಸಂಜೀವಿನಿ ಒಕ್ಕೂಟದ ಸದಸ್ಯರನ್ನು ಗೌರವಿಸಲಾಯಿತು. ಕಾರ್ಯಕ್ರಮದಲ್ಲಿ ಬಾಳೆಪುಣಿ ಗ್ರಾಮ ಪಂಚಾಯತ್ ಅಧ್ಯಕ್ಷರು, ಸದಸ್ಯರು ಉಪಸ್ಥಿತರಿದ್ದರು.
ಚಿಂದಿತೀಲ, ಉದ್ಯಮಿ ನಾಸಿರ್ ಎಸ್ ಎನ್ ನಡುಪದವು, ಮಾಜಿ ತಾಲೂಕು ಪಂಚಾಯತ್ ಸದಸ್ಯ ಹೈದರ್ ಕೈರಂಗಳ, ಮಾಜಿ ಅಧ್ಯಕ್ಷ ಬಶೀರ್, ಹಿರಿಯ ಸದಸ್ಯ ಬ್ಯಾಸ್ತರ ಕೊಟ್ಯಾನ್, ದ.ಕ.ಜಿಲ್ಲಾ ಸ್ವಚ್ಛತಾ ರಾಯಭಾರಿ ಶೀನ ಶೆಟ್ಟಿ, ಸದಸ್ಯರಾದ ಅಬ್ದುಲ್ ರಹಿಮಾನ್, ಅಬ್ಬಾಸ್, ಸುಜಾತ, ಪ್ರವೀಣ ಮೊದಲಾದವರು ಉಪಸ್ಥಿತರಿದ್ದರು. ಪಂಚಾಯತ್ ಅಭಿವೃದ್ಧಿ ಅಧಿಕಾರಿ ಸ್ವಾಗತಿಸಿದರು. ಉಪಾಧ್ಯಕ್ಷ ವಂದಿಸಿದರು. ಕಾರ್ಯದರ್ಶಿ ಎ.ಎಂ.ಶರೀಫ್ ಕಾರ್ಯಕ್ರಮ ನಿರೂಪಿಸಿದರು.
